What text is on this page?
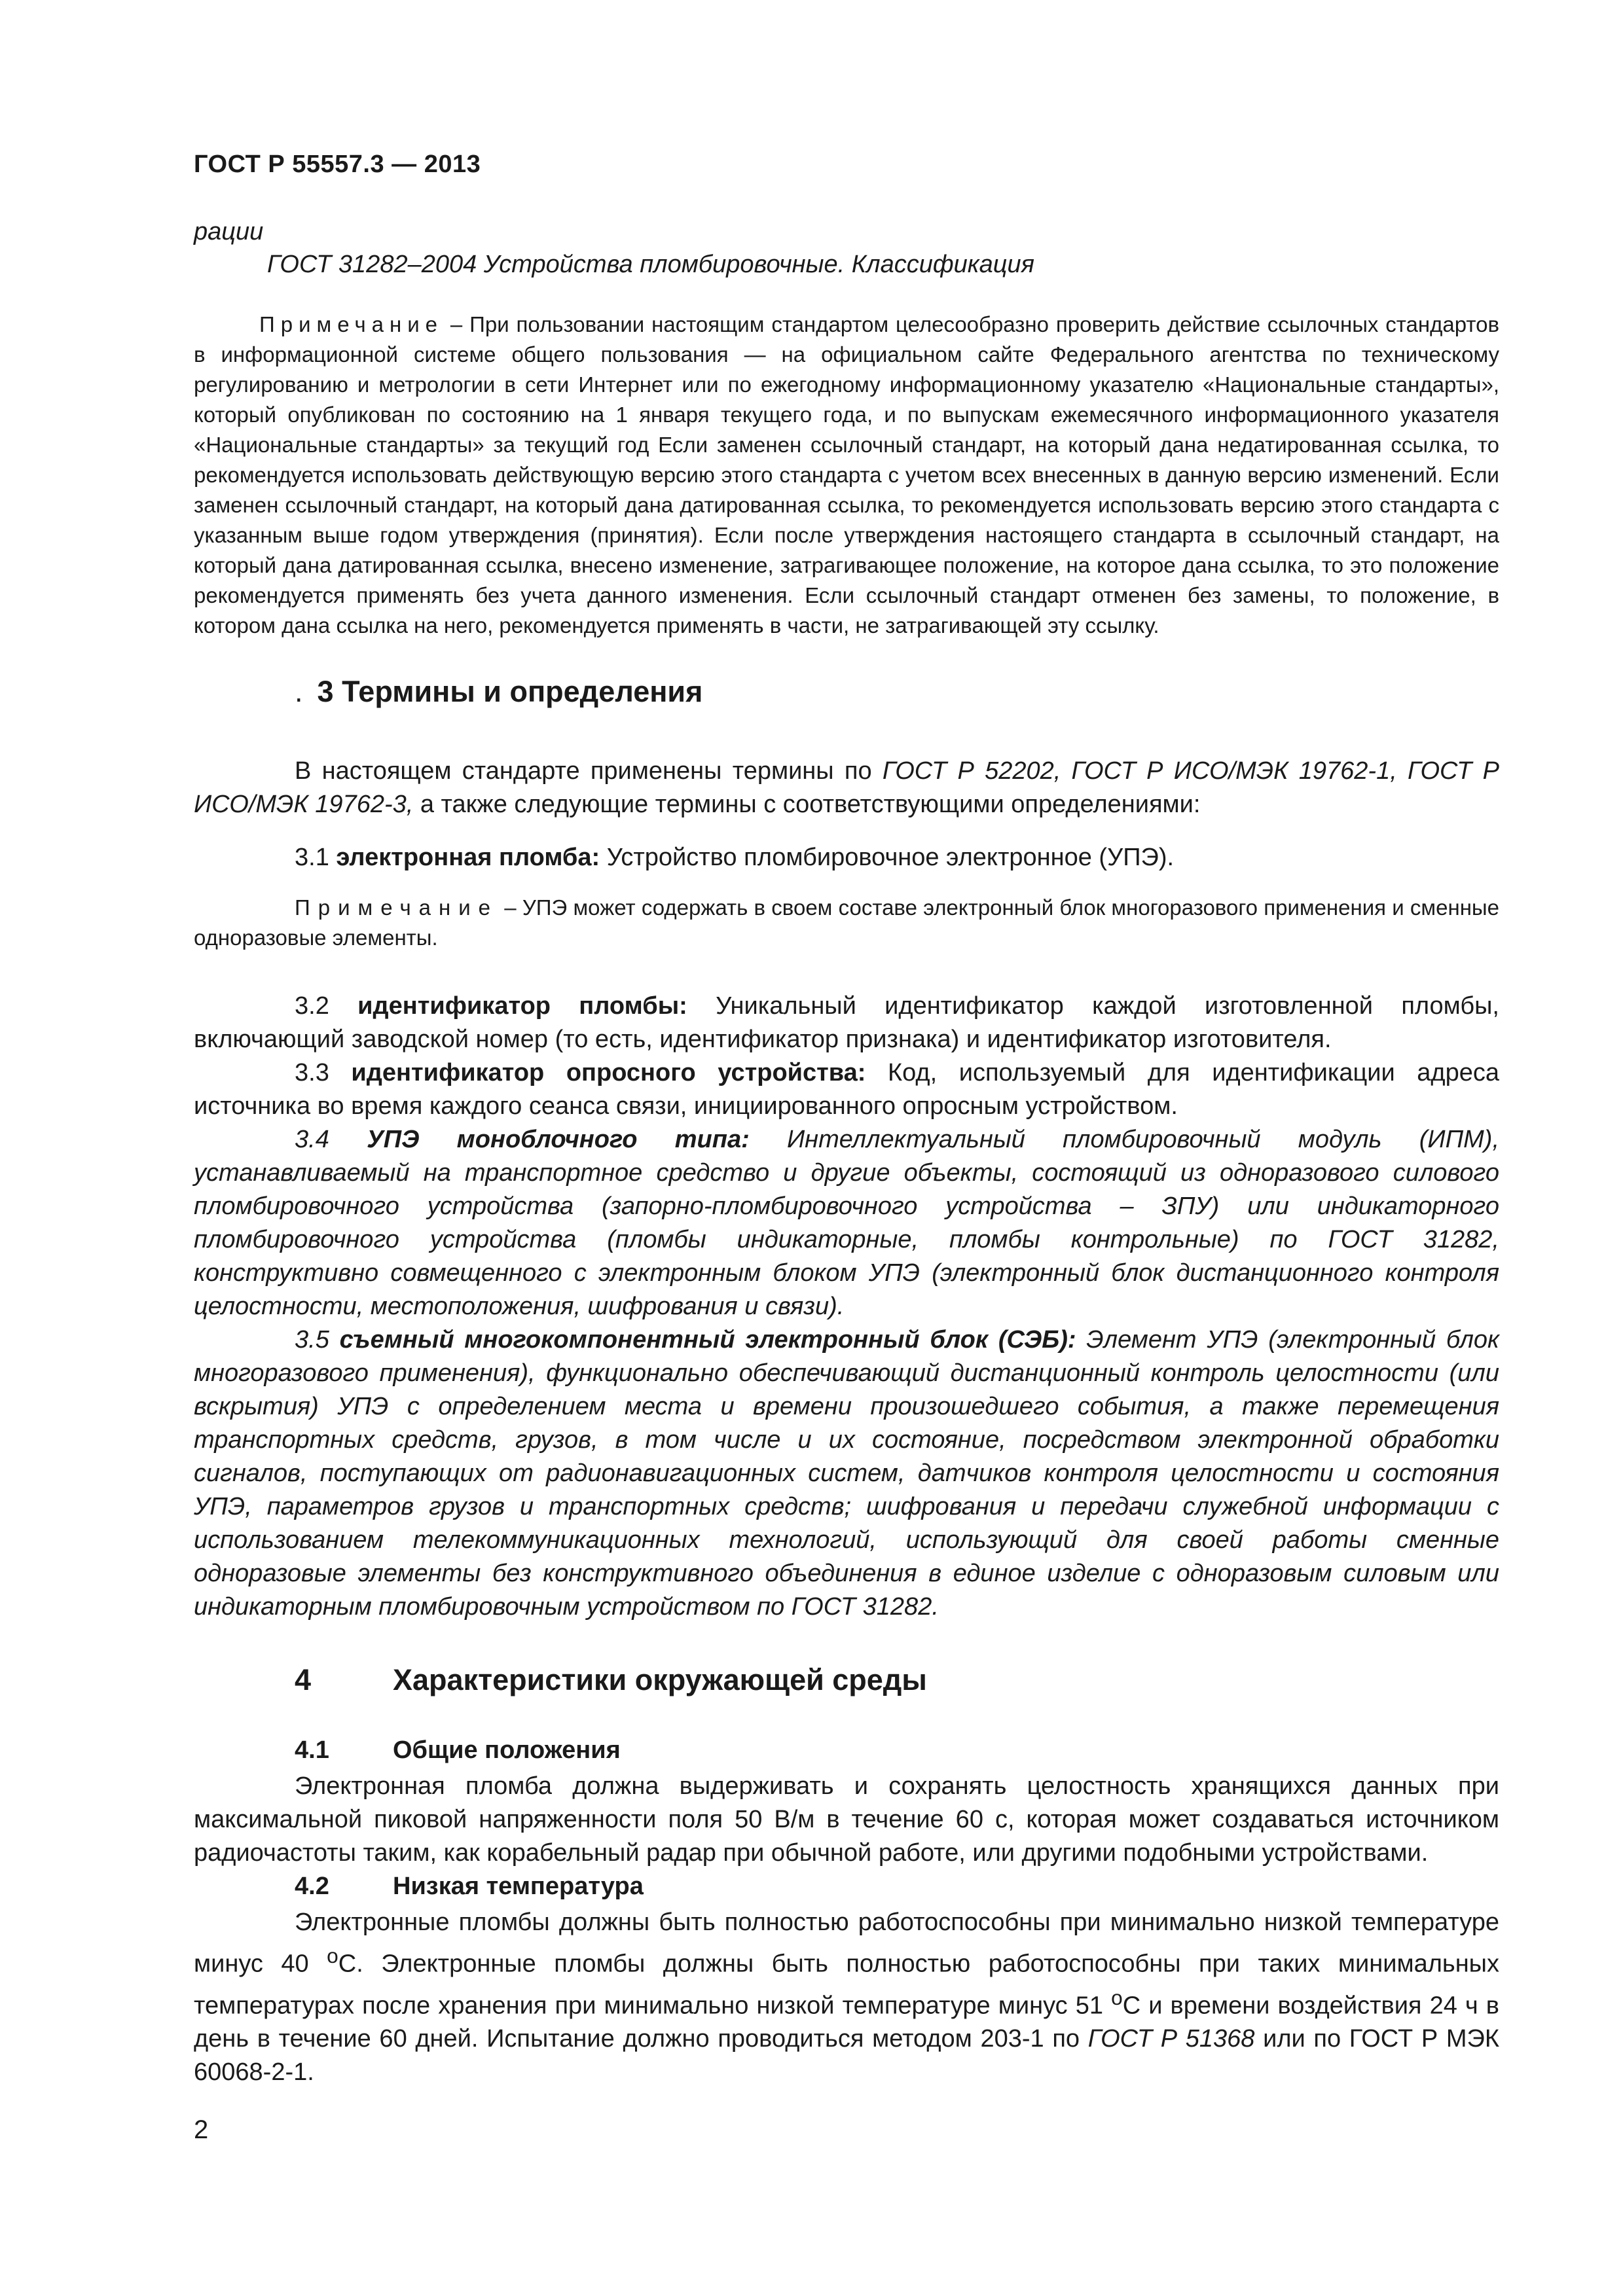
ГОСТ Р 55557.3 — 2013

рации

ГОСТ 31282–2004 Устройства пломбировочные. Классификация

Примечание – При пользовании настоящим стандартом целесообразно проверить действие ссылочных стандартов в информационной системе общего пользования — на официальном сайте Федерального агентства по техническому регулированию и метрологии в сети Интернет или по ежегодному информационному указателю «Национальные стандарты», который опубликован по состоянию на 1 января текущего года, и по выпускам ежемесячного информационного указателя «Национальные стандарты» за текущий год Если заменен ссылочный стандарт, на который дана недатированная ссылка, то рекомендуется использовать действующую версию этого стандарта с учетом всех внесенных в данную версию изменений. Если заменен ссылочный стандарт, на который дана датированная ссылка, то рекомендуется использовать версию этого стандарта с указанным выше годом утверждения (принятия). Если после утверждения настоящего стандарта в ссылочный стандарт, на который дана датированная ссылка, внесено изменение, затрагивающее положение, на которое дана ссылка, то это положение рекомендуется применять без учета данного изменения. Если ссылочный стандарт отменен без замены, то положение, в котором дана ссылка на него, рекомендуется применять в части, не затрагивающей эту ссылку.

. 3 Термины и определения

В настоящем стандарте применены термины по ГОСТ Р 52202, ГОСТ Р ИСО/МЭК 19762-1, ГОСТ Р ИСО/МЭК 19762-3, а также следующие термины с соответствующими определениями:

3.1 электронная пломба: Устройство пломбировочное электронное (УПЭ).

Примечание – УПЭ может содержать в своем составе электронный блок многоразового применения и сменные одноразовые элементы.

3.2 идентификатор пломбы: Уникальный идентификатор каждой изготовленной пломбы, включающий заводской номер (то есть, идентификатор признака) и идентификатор изготовителя.

3.3 идентификатор опросного устройства: Код, используемый для идентификации адреса источника во время каждого сеанса связи, инициированного опросным устройством.

3.4 УПЭ моноблочного типа: Интеллектуальный пломбировочный модуль (ИПМ), устанавливаемый на транспортное средство и другие объекты, состоящий из одноразового силового пломбировочного устройства (запорно-пломбировочного устройства – ЗПУ) или индикаторного пломбировочного устройства (пломбы индикаторные, пломбы контрольные) по ГОСТ 31282, конструктивно совмещенного с электронным блоком УПЭ (электронный блок дистанционного контроля целостности, местоположения, шифрования и связи).

3.5 съемный многокомпонентный электронный блок (СЭБ): Элемент УПЭ (электронный блок многоразового применения), функционально обеспечивающий дистанционный контроль целостности (или вскрытия) УПЭ с определением места и времени произошедшего события, а также перемещения транспортных средств, грузов, в том числе и их состояние, посредством электронной обработки сигналов, поступающих от радионавигационных систем, датчиков контроля целостности и состояния УПЭ, параметров грузов и транспортных средств; шифрования и передачи служебной информации с использованием телекоммуникационных технологий, использующий для своей работы сменные одноразовые элементы без конструктивного объединения в единое изделие с одноразовым силовым или индикаторным пломбировочным устройством по ГОСТ 31282.

4	Характеристики окружающей среды
4.1	Общие положения

Электронная пломба должна выдерживать и сохранять целостность хранящихся данных при максимальной пиковой напряженности поля 50 В/м в течение 60 с, которая может создаваться источником радиочастоты таким, как корабельный радар при обычной работе, или другими подобными устройствами.

4.2	Низкая температура

Электронные пломбы должны быть полностью работоспособны при минимально низкой температуре минус 40 $^о$С. Электронные пломбы должны быть полностью работоспособны при таких минимальных температурах после хранения при минимально низкой температуре минус 51 $^о$С и времени воздействия 24 ч в день в течение 60 дней. Испытание должно проводиться методом 203-1 по ГОСТ Р 51368 или по ГОСТ Р МЭК 60068-2-1.

2
